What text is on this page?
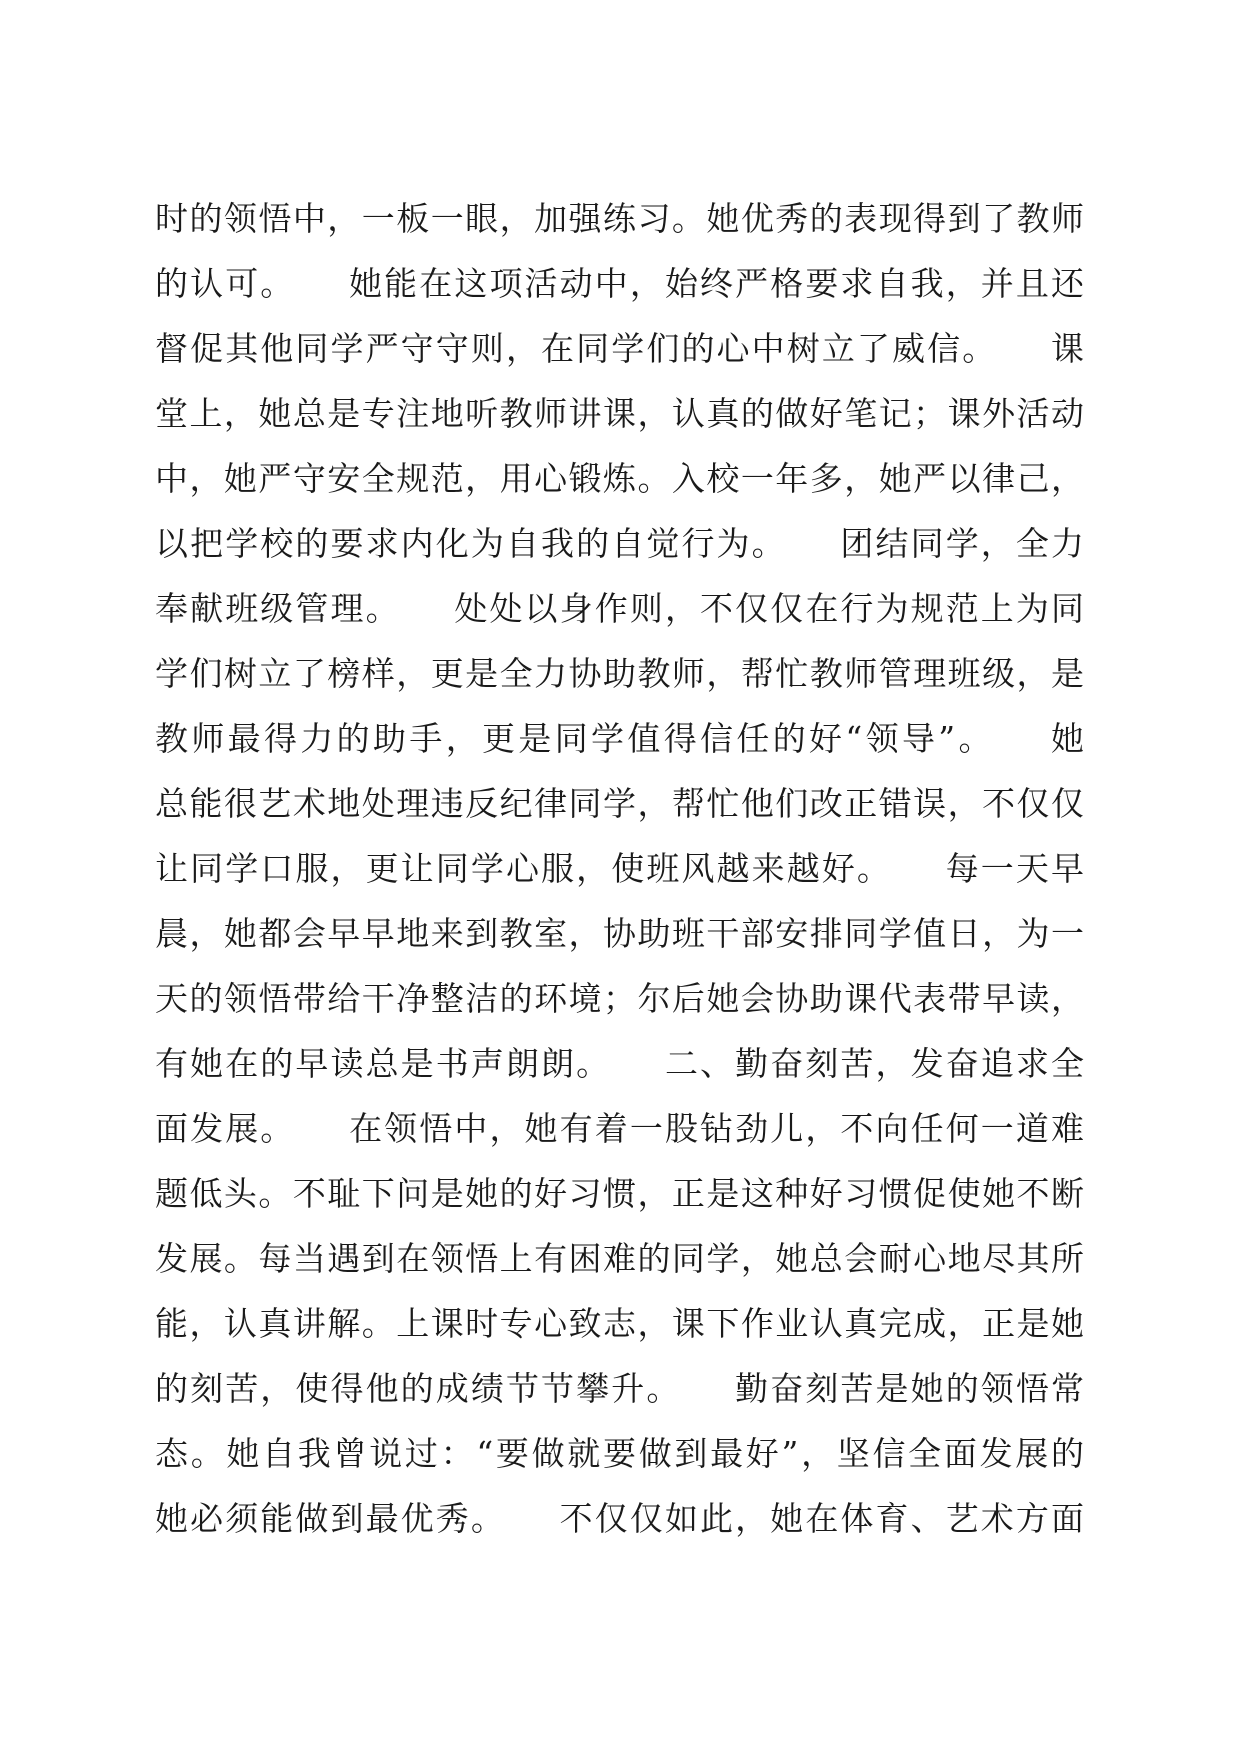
时的领悟中，一板一眼，加强练习。她优秀的表现得到了教师
的认可。　　她能在这项活动中，始终严格要求自我，并且还
督促其他同学严守守则，在同学们的心中树立了威信。　　课
堂上，她总是专注地听教师讲课，认真的做好笔记；课外活动
中，她严守安全规范，用心锻炼。入校一年多，她严以律己，
以把学校的要求内化为自我的自觉行为。　　团结同学，全力
奉献班级管理。　　处处以身作则，不仅仅在行为规范上为同
学们树立了榜样，更是全力协助教师，帮忙教师管理班级，是
教师最得力的助手，更是同学值得信任的好“领导”。　　她
总能很艺术地处理违反纪律同学，帮忙他们改正错误，不仅仅
让同学口服，更让同学心服，使班风越来越好。　　每一天早
晨，她都会早早地来到教室，协助班干部安排同学值日，为一
天的领悟带给干净整洁的环境；尔后她会协助课代表带早读，
有她在的早读总是书声朗朗。　　二、勤奋刻苦，发奋追求全
面发展。　　在领悟中，她有着一股钻劲儿，不向任何一道难
题低头。不耻下问是她的好习惯，正是这种好习惯促使她不断
发展。每当遇到在领悟上有困难的同学，她总会耐心地尽其所
能，认真讲解。上课时专心致志，课下作业认真完成，正是她
的刻苦，使得他的成绩节节攀升。　　勤奋刻苦是她的领悟常
态。她自我曾说过：“要做就要做到最好”，坚信全面发展的
她必须能做到最优秀。　　不仅仅如此，她在体育、艺术方面
